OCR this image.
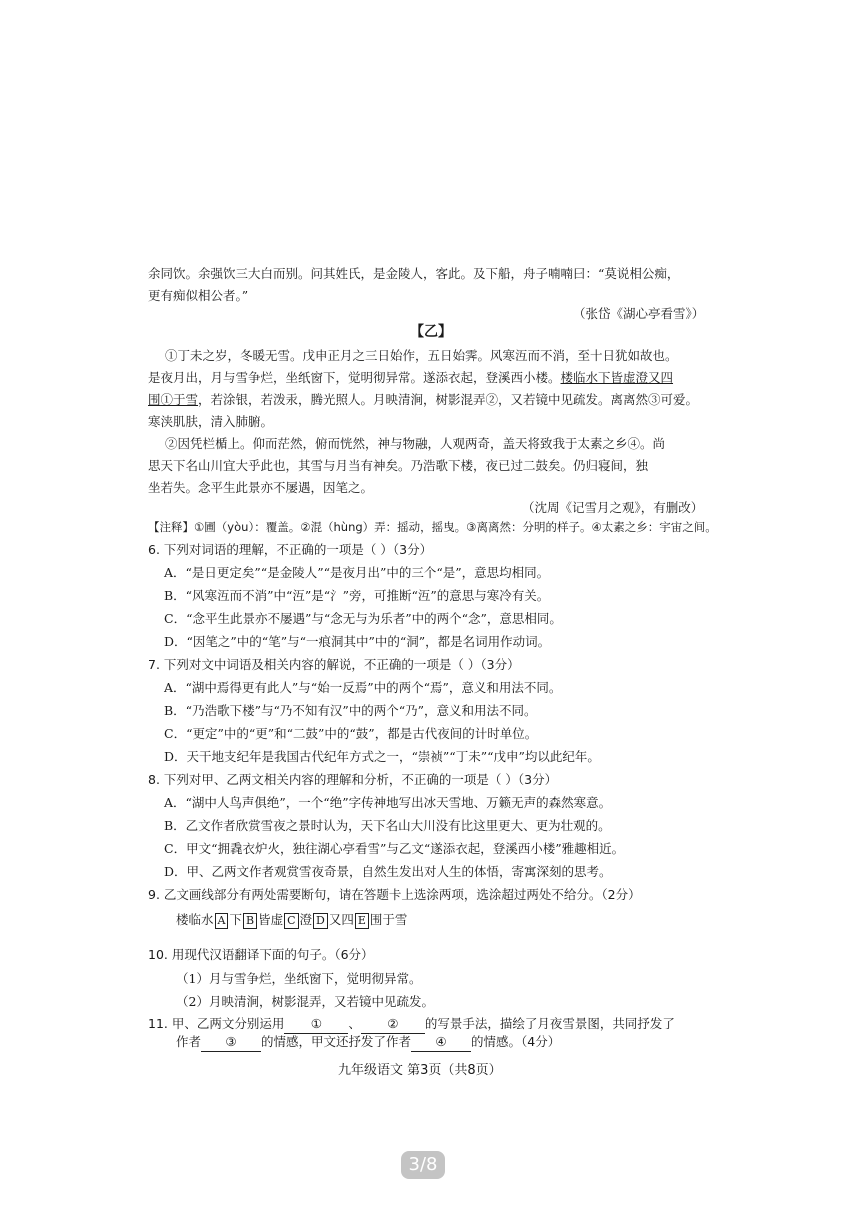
余同饮。余强饮三大白而别。问其姓氏，是金陵人，客此。及下船，舟子喃喃曰：“莫说相公痴，
更有痴似相公者。”
（张岱《湖心亭看雪》）
【乙】
①丁未之岁，冬暖无雪。戊申正月之三日始作，五日始霁。风寒沍而不消，至十日犹如故也。
是夜月出，月与雪争烂，坐纸窗下，觉明彻异常。遂添衣起，登溪西小楼。楼临水下皆虚澄又四
围①于雪，若涂银，若泼汞，腾光照人。月映清涧，树影混弄②，又若镜中见疏发。离离然③可爱。
寒浃肌肤，清入肺腑。
②因凭栏楯上。仰而茫然，俯而恍然，神与物融，人观两奇，盖天将致我于太素之乡④。尚
思天下名山川宜大乎此也，其雪与月当有神矣。乃浩歌下楼，夜已过二鼓矣。仍归寝间，独
坐若失。念平生此景亦不屡遇，因笔之。
（沈周《记雪月之观》，有删改）
【注释】①圃（yòu）：覆盖。②混（hùng）弄：摇动，摇曳。③离离然：分明的样子。④太素之乡：宇宙之间。
6. 下列对词语的理解，不正确的一项是（ ）（3分）
A．“是日更定矣”“是金陵人”“是夜月出”中的三个“是”，意思均相同。
B．“风寒沍而不消”中“沍”是“氵”旁，可推断“沍”的意思与寒冷有关。
C．“念平生此景亦不屡遇”与“念无与为乐者”中的两个“念”，意思相同。
D．“因笔之”中的“笔”与“一痕洞其中”中的“洞”，都是名词用作动词。
7. 下列对文中词语及相关内容的解说，不正确的一项是（ ）（3分）
A．“湖中焉得更有此人”与“始一反焉”中的两个“焉”，意义和用法不同。
B．“乃浩歌下楼”与“乃不知有汉”中的两个“乃”，意义和用法不同。
C．“更定”中的“更”和“二鼓”中的“鼓”，都是古代夜间的计时单位。
D．天干地支纪年是我国古代纪年方式之一，“崇祯”“丁未”“戊申”均以此纪年。
8. 下列对甲、乙两文相关内容的理解和分析，不正确的一项是（ ）（3分）
A．“湖中人鸟声俱绝”，一个“绝”字传神地写出冰天雪地、万籁无声的森然寒意。
B．乙文作者欣赏雪夜之景时认为，天下名山大川没有比这里更大、更为壮观的。
C．甲文“拥毳衣炉火，独往湖心亭看雪”与乙文“遂添衣起，登溪西小楼”雅趣相近。
D．甲、乙两文作者观赏雪夜奇景，自然生发出对人生的体悟，寄寓深刻的思考。
9. 乙文画线部分有两处需要断句，请在答题卡上选涂两项，选涂超过两处不给分。（2分）
楼临水 A 下 B 皆虚 C 澄 D 又四 E 围于雪
10. 用现代汉语翻译下面的句子。（6分）
（1）月与雪争烂，坐纸窗下，觉明彻异常。
（2）月映清涧，树影混弄，又若镜中见疏发。
11. 甲、乙两文分别运用 ① 、 ② 的写景手法，描绘了月夜雪景图，共同抒发了
作者 ③ 的情感，甲文还抒发了作者 ④ 的情感。（4分）
九年级语文 第3页（共8页）
3/8
